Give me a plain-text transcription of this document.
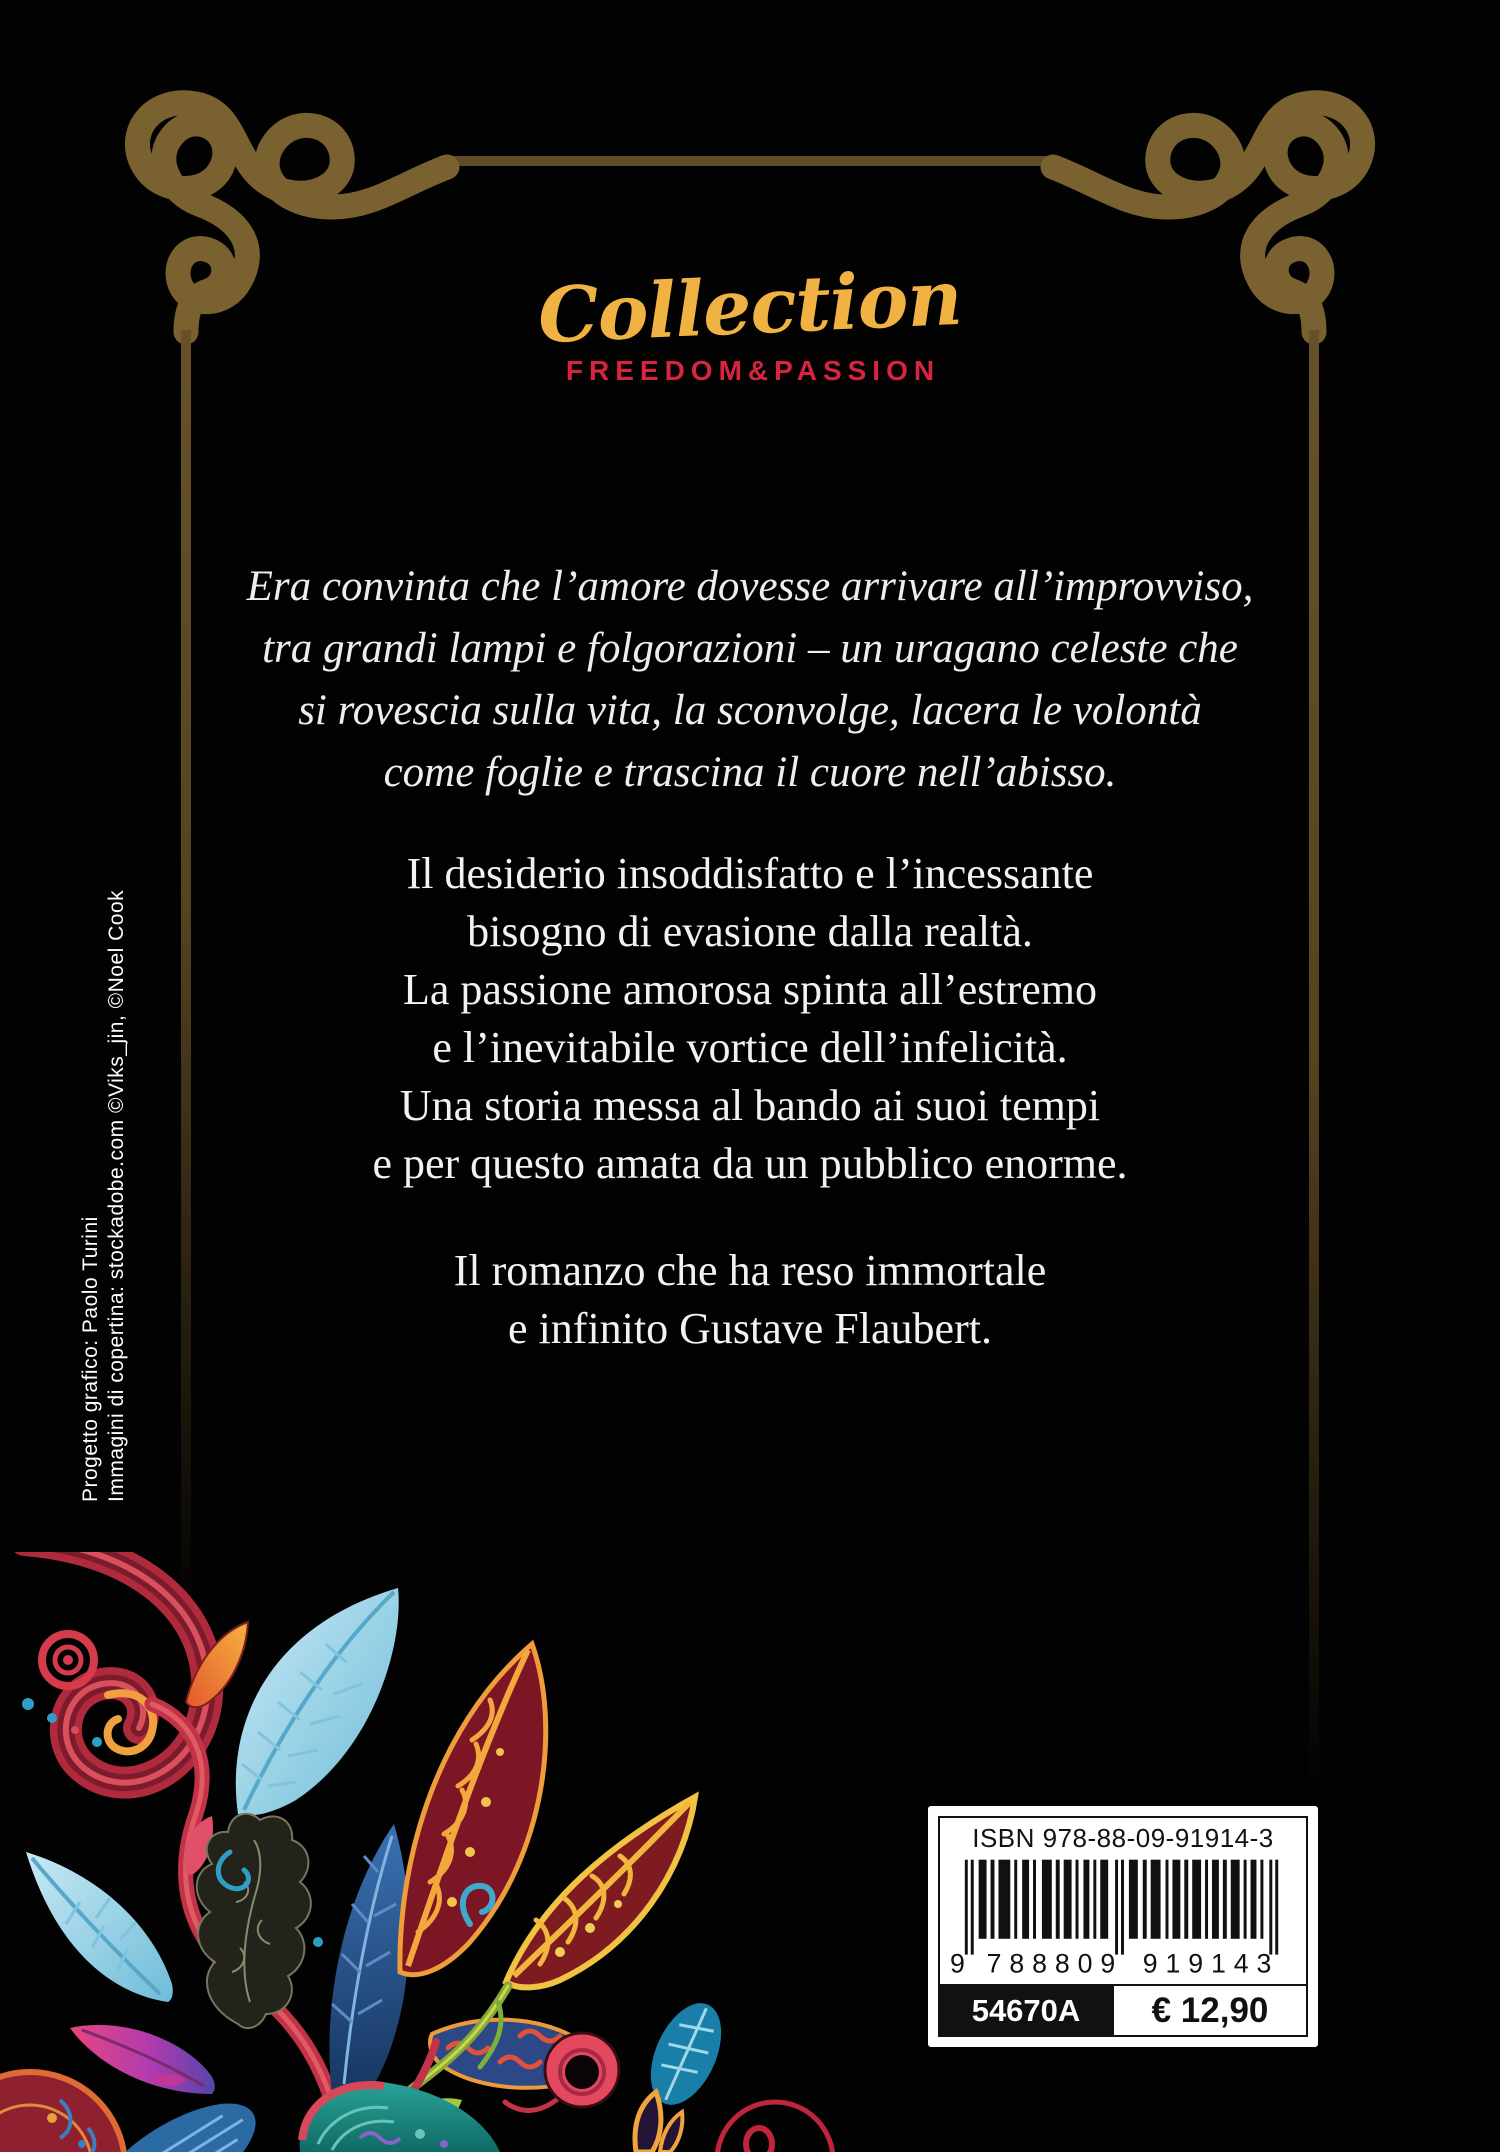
Collection
FREEDOM&PASSION
Era convinta che l’amore dovesse arrivare all’improvviso,
tra grandi lampi e folgorazioni – un uragano celeste che
si rovescia sulla vita, la sconvolge, lacera le volontà
come foglie e trascina il cuore nell’abisso.
Il desiderio insoddisfatto e l’incessante
bisogno di evasione dalla realtà.
La passione amorosa spinta all’estremo
e l’inevitabile vortice dell’infelicità.
Una storia messa al bando ai suoi tempi
e per questo amata da un pubblico enorme.
Il romanzo che ha reso immortale
e infinito Gustave Flaubert.
Progetto grafico: Paolo Turini Immagini di copertina: stockadobe.com ©Viks_jin, ©Noel Cook
ISBN 978-88-09-91914-3
9 788809 919143
54670A	€ 12,90
